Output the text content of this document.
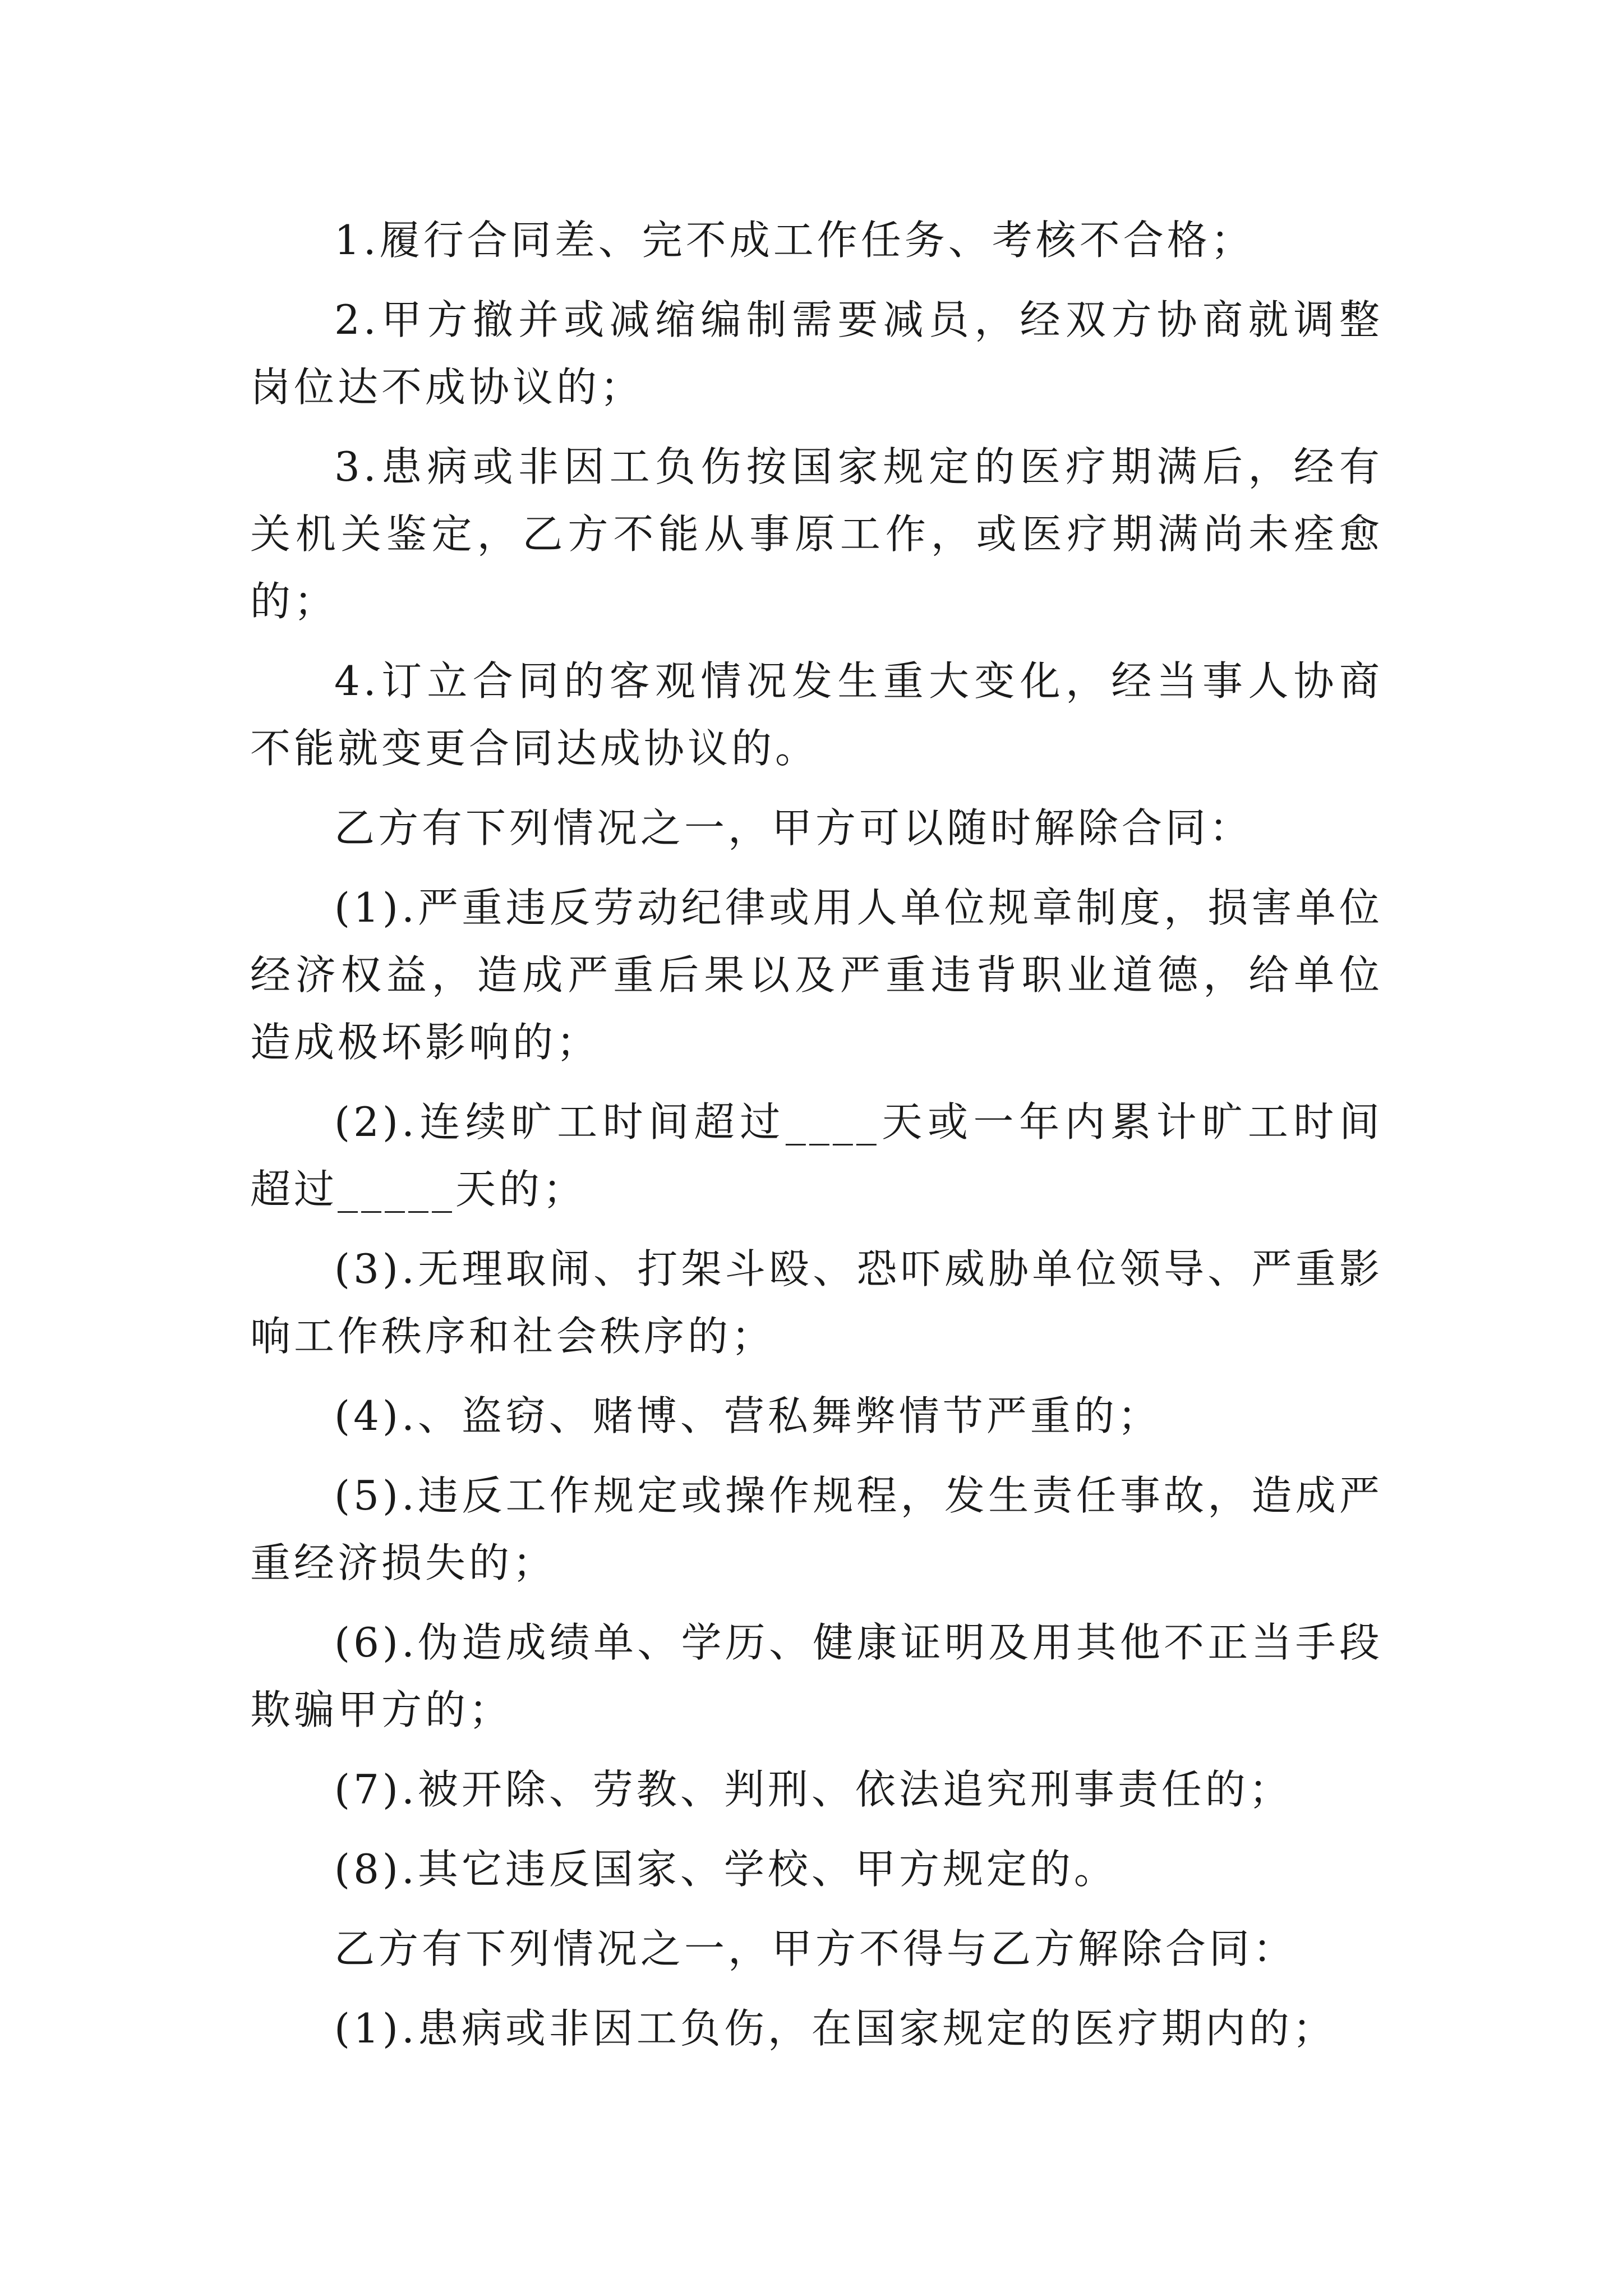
1.履行合同差、完不成工作任务、考核不合格；

2.甲方撤并或减缩编制需要减员，经双方协商就调整岗位达不成协议的；

3.患病或非因工负伤按国家规定的医疗期满后，经有关机关鉴定，乙方不能从事原工作，或医疗期满尚未痊愈的；

4.订立合同的客观情况发生重大变化，经当事人协商不能就变更合同达成协议的。

乙方有下列情况之一，甲方可以随时解除合同：

(1).严重违反劳动纪律或用人单位规章制度，损害单位经济权益，造成严重后果以及严重违背职业道德，给单位造成极坏影响的；

(2).连续旷工时间超过____天或一年内累计旷工时间超过_____天的；

(3).无理取闹、打架斗殴、恐吓威胁单位领导、严重影响工作秩序和社会秩序的；

(4).、盗窃、赌博、营私舞弊情节严重的；

(5).违反工作规定或操作规程，发生责任事故，造成严重经济损失的；

(6).伪造成绩单、学历、健康证明及用其他不正当手段欺骗甲方的；

(7).被开除、劳教、判刑、依法追究刑事责任的；

(8).其它违反国家、学校、甲方规定的。

乙方有下列情况之一，甲方不得与乙方解除合同：

(1).患病或非因工负伤，在国家规定的医疗期内的；
